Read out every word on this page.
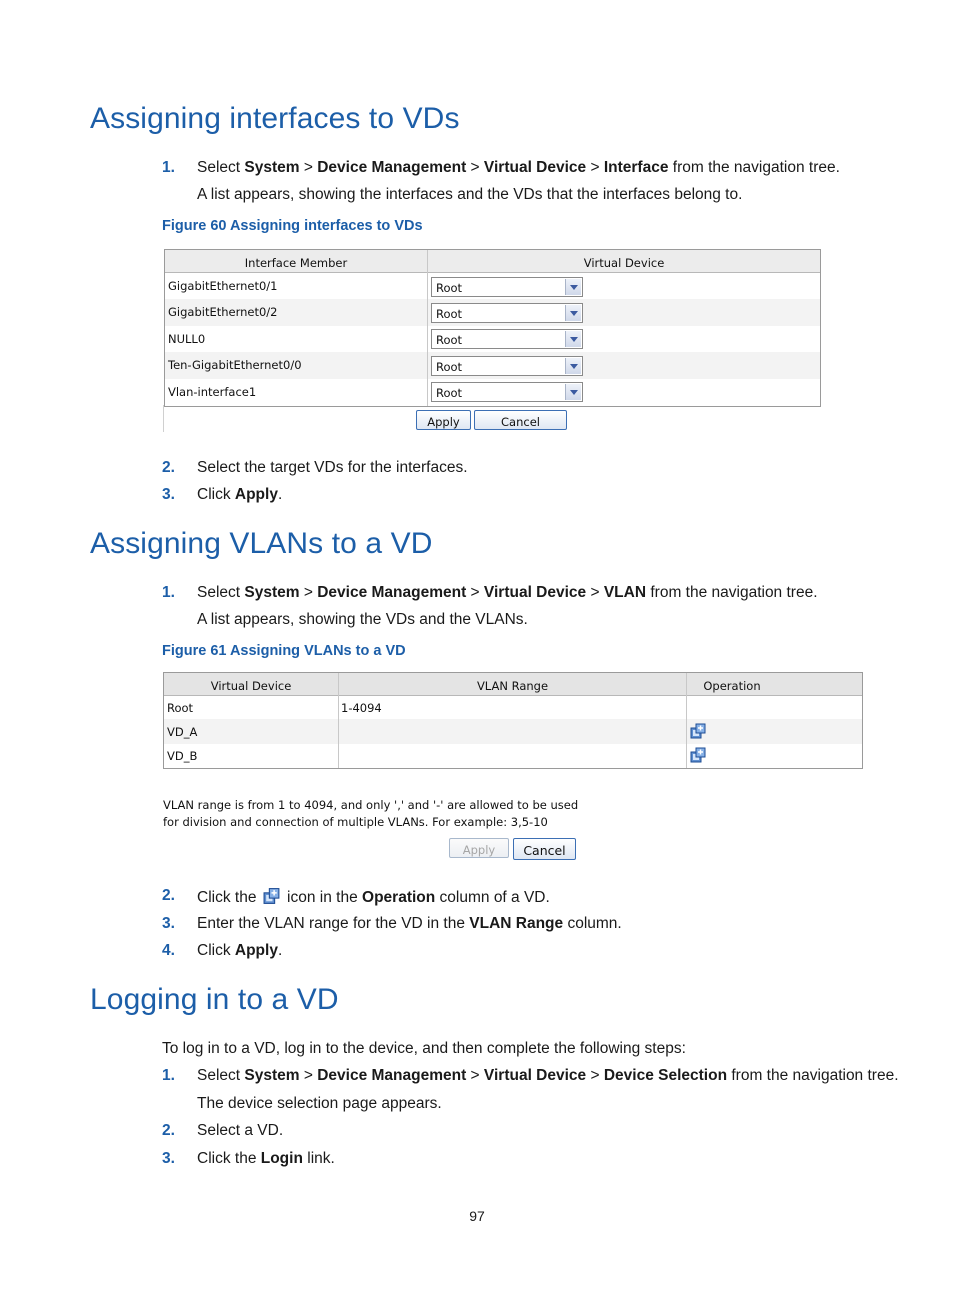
Assigning interfaces to VDs
1. Select System > Device Management > Virtual Device > Interface from the navigation tree.
A list appears, showing the interfaces and the VDs that the interfaces belong to.
Figure 60 Assigning interfaces to VDs
Interface Member	Virtual Device
GigabitEthernet0/1	Root
GigabitEthernet0/2	Root
NULL0	Root
Ten-GigabitEthernet0/0	Root
Vlan-interface1	Root
Apply	Cancel
2. Select the target VDs for the interfaces.
3. Click Apply.
Assigning VLANs to a VD
1. Select System > Device Management > Virtual Device > VLAN from the navigation tree.
A list appears, showing the VDs and the VLANs.
Figure 61 Assigning VLANs to a VD
Virtual Device	VLAN Range	Operation
Root	1-4094
VD_A
VD_B
VLAN range is from 1 to 4094, and only ',' and '-' are allowed to be used
for division and connection of multiple VLANs. For example: 3,5-10
Apply	Cancel
2. Click the  icon in the Operation column of a VD.
3. Enter the VLAN range for the VD in the VLAN Range column.
4. Click Apply.
Logging in to a VD
To log in to a VD, log in to the device, and then complete the following steps:
1. Select System > Device Management > Virtual Device > Device Selection from the navigation tree.
The device selection page appears.
2. Select a VD.
3. Click the Login link.
97
